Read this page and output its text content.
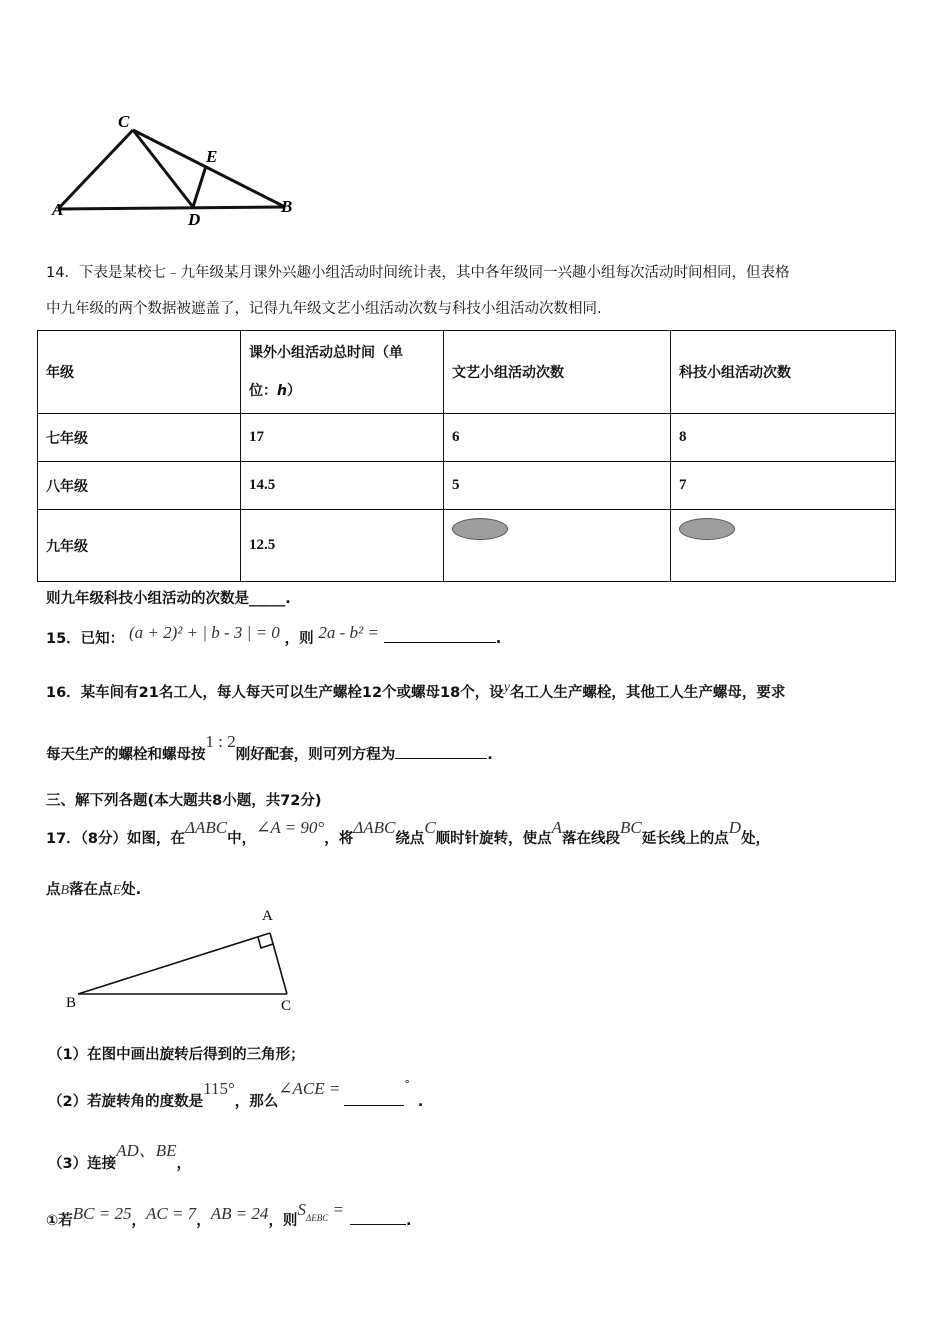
C
E
A
D
B
14．下表是某校七﹣九年级某月课外兴趣小组活动时间统计表，其中各年级同一兴趣小组每次活动时间相同，但表格
中九年级的两个数据被遮盖了，记得九年级文艺小组活动次数与科技小组活动次数相同.
年级	课外小组活动总时间（单
位：h）	文艺小组活动次数	科技小组活动次数
七年级	17	6	8
八年级	14.5	5	7
九年级	12.5		
则九年级科技小组活动的次数是_____.
15．已知： (a + 2)² + | b - 3 | = 0 ，则 2a - b² =	.
16．某车间有21名工人，每人每天可以生产螺栓12个或螺母18个，设y名工人生产螺栓，其他工人生产螺母，要求
每天生产的螺栓和螺母按1 : 2刚好配套，则可列方程为	.
三、解下列各题(本大题共8小题，共72分)
17．（8分）如图，在ΔABC中，∠A = 90°，将ΔABC绕点C顺时针旋转，使点A落在线段BC延长线上的点D处，
点B落在点E处.
A
B	C
（1）在图中画出旋转后得到的三角形；
（2）若旋转角的度数是115°，那么∠ACE =	°.
（3）连接AD、BE，
①若BC = 25，AC = 7，AB = 24，则$S^{\Delta EBC}$ =.
